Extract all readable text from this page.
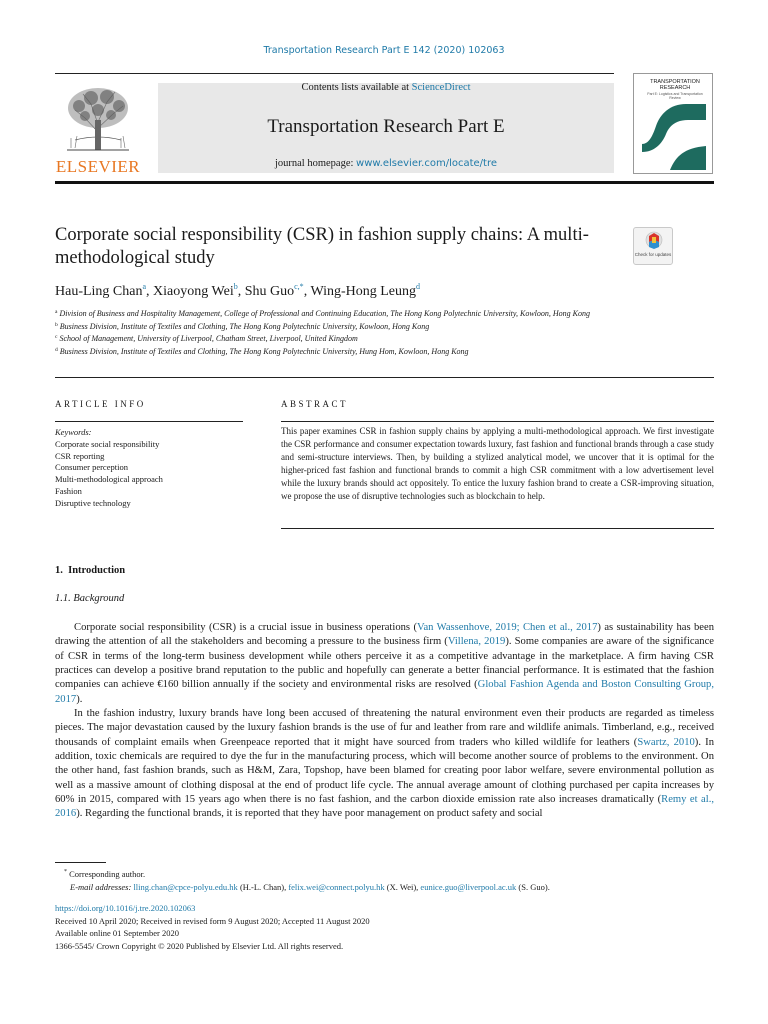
Transportation Research Part E 142 (2020) 102063
ELSEVIER
Contents lists available at ScienceDirect
Transportation Research Part E
journal homepage: www.elsevier.com/locate/tre
TRANSPORTATION RESEARCH
Part E: Logistics and Transportation Review
Corporate social responsibility (CSR) in fashion supply chains: A multi-methodological study	Check for updates
Hau-Ling Chan$^a$, Xiaoyong Wei$^b$, Shu Guo$^{c,*}$, Wing-Hong Leung$^d$
$^a$ Division of Business and Hospitality Management, College of Professional and Continuing Education, The Hong Kong Polytechnic University, Kowloon, Hong Kong
$^b$ Business Division, Institute of Textiles and Clothing, The Hong Kong Polytechnic University, Kowloon, Hong Kong
$^c$ School of Management, University of Liverpool, Chatham Street, Liverpool, United Kingdom
$^d$ Business Division, Institute of Textiles and Clothing, The Hong Kong Polytechnic University, Hung Hom, Kowloon, Hong Kong
ARTICLE INFO	ABSTRACT
Keywords:
Corporate social responsibility
CSR reporting
Consumer perception
Multi-methodological approach
Fashion
Disruptive technology
This paper examines CSR in fashion supply chains by applying a multi-methodological approach. We first investigate the CSR performance and consumer expectation towards luxury, fast fashion and functional brands through a case study and semi-structure interviews. Then, by building a stylized analytical model, we uncover that it is optimal for the higher-priced fast fashion and functional brands to commit a high CSR commitment with a low advertisement level while the luxury brands should act oppositely. To entice the luxury fashion brand to create a CSR-improving situation, we propose the use of disruptive technologies such as blockchain to help.
1. Introduction
1.1. Background

Corporate social responsibility (CSR) is a crucial issue in business operations (Van Wassenhove, 2019; Chen et al., 2017) as sustainability has been drawing the attention of all the stakeholders and becoming a pressure to the business firm (Villena, 2019). Some companies are aware of the significance of CSR in terms of the long-term business development while others perceive it as a competitive advantage in the marketplace. A firm having CSR practices can develop a positive brand reputation to the public and hopefully can generate a better financial performance. It is estimated that the fashion companies can achieve €160 billion annually if the society and environmental risks are resolved (Global Fashion Agenda and Boston Consulting Group, 2017).

In the fashion industry, luxury brands have long been accused of threatening the natural environment even their products are regarded as timeless pieces. The major devastation caused by the luxury fashion brands is the use of fur and leather from rare and wildlife animals. Timberland, e.g., received thousands of complaint emails when Greenpeace reported that it might have sourced from traders who killed wildlife for leathers (Swartz, 2010). In addition, toxic chemicals are required to dye the fur in the manufacturing process, which will become another source of problems to the environment. On the other hand, fast fashion brands, such as H&M, Zara, Topshop, have been blamed for creating poor labor welfare, severe environmental pollution as well as a massive amount of clothing disposal at the end of product life cycle. The annual average amount of clothing purchased per capita increases by 60% in 2015, compared with 15 years ago when there is no fast fashion, and the carbon dioxide emission rate also increases dramatically (Remy et al., 2016). Regarding the functional brands, it is reported that they have poor management on product safety and social

* Corresponding author.
E-mail addresses: lling.chan@cpce-polyu.edu.hk (H.-L. Chan), felix.wei@connect.polyu.hk (X. Wei), eunice.guo@liverpool.ac.uk (S. Guo).
https://doi.org/10.1016/j.tre.2020.102063
Received 10 April 2020; Received in revised form 9 August 2020; Accepted 11 August 2020
Available online 01 September 2020
1366-5545/ Crown Copyright © 2020 Published by Elsevier Ltd. All rights reserved.
